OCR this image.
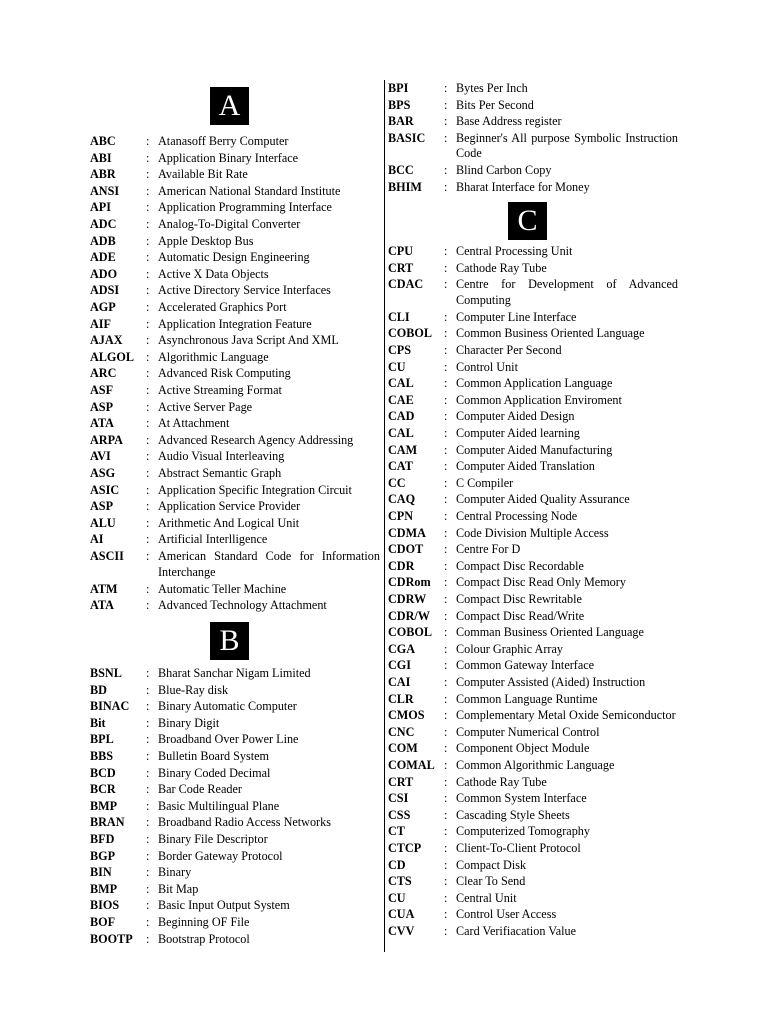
A
ABC : Atanasoff Berry Computer
ABI	: Application Binary Interface
ABR : Available Bit Rate
ANSI : American National Standard Institute
API	: Application Programming Interface
ADC : Analog-To-Digital Converter
ADB : Apple Desktop Bus
ADE : Automatic Design Engineering
ADO : Active X Data Objects
ADSI : Active Directory Service Interfaces
AGP : Accelerated Graphics Port
AIF	: Application Integration Feature
AJAX : Asynchronous Java Script And XML
ALGOL : Algorithmic Language
ARC : Advanced Risk Computing
ASF	: Active Streaming Format
ASP	: Active Server Page
ATA	: At Attachment
ARPA : Advanced Research Agency Addressing
AVI	: Audio Visual Interleaving
ASG	: Abstract Semantic Graph
ASIC : Application Specific Integration Circuit
ASP	: Application Service Provider
ALU : Arithmetic And Logical Unit
AI	: Artificial Interlligence
ASCII : American Standard Code for Information Interchange
ATM : Automatic Teller Machine
ATA	: Advanced Technology Attachment
B
BSNL : Bharat Sanchar Nigam Limited
BD	: Blue-Ray disk
BINAC : Binary Automatic Computer
Bit	: Binary Digit
BPL	: Broadband Over Power Line
BBS	: Bulletin Board System
BCD : Binary Coded Decimal
BCR : Bar Code Reader
BMP : Basic Multilingual Plane
BRAN : Broadband Radio Access Networks
BFD	: Binary File Descriptor
BGP	: Border Gateway Protocol
BIN	: Binary
BMP : Bit Map
BIOS : Basic Input Output System
BOF	: Beginning OF File
BOOTP : Bootstrap Protocol
BPI	: Bytes Per Inch
BPS	: Bits Per Second
BAR : Base Address register
BASIC : Beginner's All purpose Symbolic Instruction Code
BCC : Blind Carbon Copy
BHIM : Bharat Interface for Money
C
CPU	: Central Processing Unit
CRT	: Cathode Ray Tube
CDAC : Centre for Development of Advanced Computing
CLI	: Computer Line Interface
COBOL : Common Business Oriented Language
CPS	: Character Per Second
CU	: Control Unit
CAL : Common Application Language
CAE : Common Application Enviroment
CAD : Computer Aided Design
CAL : Computer Aided learning
CAM : Computer Aided Manufacturing
CAT	: Computer Aided Translation
CC	: C Compiler
CAQ : Computer Aided Quality Assurance
CPN	: Central Processing Node
CDMA : Code Division Multiple Access
CDOT : Centre For D
CDR : Compact Disc Recordable
CDRom : Compact Disc Read Only Memory
CDRW : Compact Disc Rewritable
CDR/W : Compact Disc Read/Write
COBOL : Comman Business Oriented Language
CGA : Colour Graphic Array
CGI	: Common Gateway Interface
CAI	: Computer Assisted (Aided) Instruction
CLR : Common Language Runtime
CMOS : Complementary Metal Oxide Semiconductor
CNC : Computer Numerical Control
COM : Component Object Module
COMAL : Common Algorithmic Language
CRT	: Cathode Ray Tube
CSI	: Common System Interface
CSS	: Cascading Style Sheets
CT	: Computerized Tomography
CTCP : Client-To-Client Protocol
CD	: Compact Disk
CTS	: Clear To Send
CU	: Central Unit
CUA : Control User Access
CVV : Card Verifiacation Value
